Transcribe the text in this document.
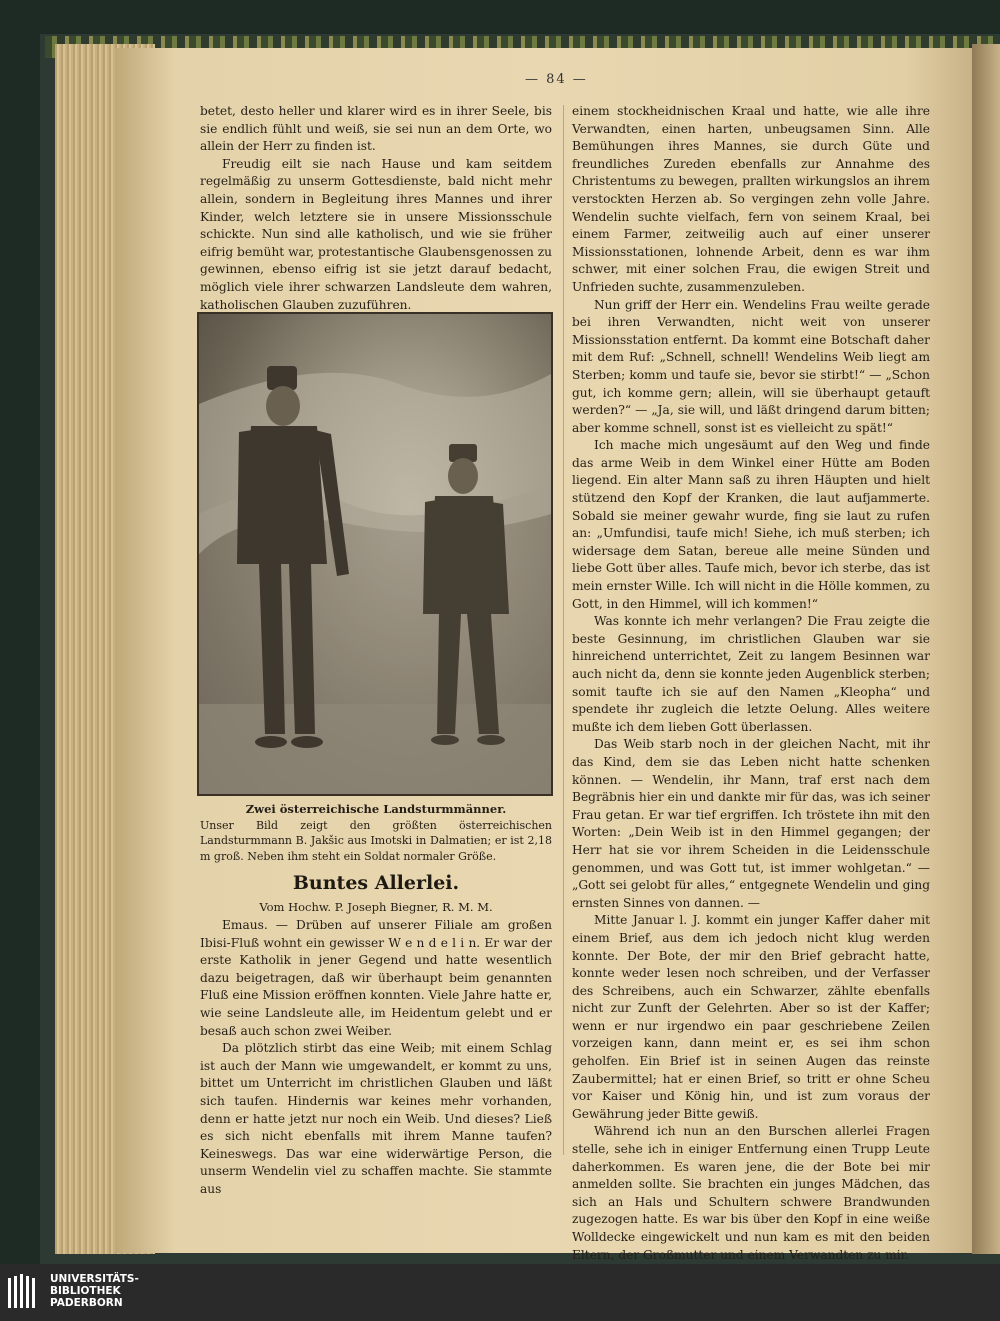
— 84 —

betet, desto heller und klarer wird es in ihrer Seele, bis sie endlich fühlt und weiß, sie sei nun an dem Orte, wo allein der Herr zu finden ist.

Freudig eilt sie nach Hause und kam seitdem regelmäßig zu unserm Gottesdienste, bald nicht mehr allein, sondern in Begleitung ihres Mannes und ihrer Kinder, welch letztere sie in unsere Missionsschule schickte. Nun sind alle katholisch, und wie sie früher eifrig bemüht war, protestantische Glaubensgenossen zu gewinnen, ebenso eifrig ist sie jetzt darauf bedacht, möglich viele ihrer schwarzen Landsleute dem wahren, katholischen Glauben zuzuführen.

Zwei österreichische Landsturmmänner.
Unser Bild zeigt den größten österreichischen Landsturmmann B. Jakšic aus Imotski in Dalmatien; er ist 2,18 m groß. Neben ihm steht ein Soldat normaler Größe.
Buntes Allerlei.
Vom Hochw. P. Joseph Biegner, R. M. M.

Emaus. — Drüben auf unserer Filiale am großen Ibisi-Fluß wohnt ein gewisser W e n d e l i n. Er war der erste Katholik in jener Gegend und hatte wesentlich dazu beigetragen, daß wir überhaupt beim genannten Fluß eine Mission eröffnen konnten. Viele Jahre hatte er, wie seine Landsleute alle, im Heidentum gelebt und er besaß auch schon zwei Weiber.

Da plötzlich stirbt das eine Weib; mit einem Schlag ist auch der Mann wie umgewandelt, er kommt zu uns, bittet um Unterricht im christlichen Glauben und läßt sich taufen. Hindernis war keines mehr vorhanden, denn er hatte jetzt nur noch ein Weib. Und dieses? Ließ es sich nicht ebenfalls mit ihrem Manne taufen? Keineswegs. Das war eine widerwärtige Person, die unserm Wendelin viel zu schaffen machte. Sie stammte aus

einem stockheidnischen Kraal und hatte, wie alle ihre Verwandten, einen harten, unbeugsamen Sinn. Alle Bemühungen ihres Mannes, sie durch Güte und freundliches Zureden ebenfalls zur Annahme des Christentums zu bewegen, prallten wirkungslos an ihrem verstockten Herzen ab. So vergingen zehn volle Jahre. Wendelin suchte vielfach, fern von seinem Kraal, bei einem Farmer, zeitweilig auch auf einer unserer Missionsstationen, lohnende Arbeit, denn es war ihm schwer, mit einer solchen Frau, die ewigen Streit und Unfrieden suchte, zusammenzuleben.

Nun griff der Herr ein. Wendelins Frau weilte gerade bei ihren Verwandten, nicht weit von unserer Missionsstation entfernt. Da kommt eine Botschaft daher mit dem Ruf: „Schnell, schnell! Wendelins Weib liegt am Sterben; komm und taufe sie, bevor sie stirbt!“ — „Schon gut, ich komme gern; allein, will sie überhaupt getauft werden?“ — „Ja, sie will, und läßt dringend darum bitten; aber komme schnell, sonst ist es vielleicht zu spät!“

Ich mache mich ungesäumt auf den Weg und finde das arme Weib in dem Winkel einer Hütte am Boden liegend. Ein alter Mann saß zu ihren Häupten und hielt stützend den Kopf der Kranken, die laut aufjammerte. Sobald sie meiner gewahr wurde, fing sie laut zu rufen an: „Umfundisi, taufe mich! Siehe, ich muß sterben; ich widersage dem Satan, bereue alle meine Sünden und liebe Gott über alles. Taufe mich, bevor ich sterbe, das ist mein ernster Wille. Ich will nicht in die Hölle kommen, zu Gott, in den Himmel, will ich kommen!“

Was konnte ich mehr verlangen? Die Frau zeigte die beste Gesinnung, im christlichen Glauben war sie hinreichend unterrichtet, Zeit zu langem Besinnen war auch nicht da, denn sie konnte jeden Augenblick sterben; somit taufte ich sie auf den Namen „Kleopha“ und spendete ihr zugleich die letzte Oelung. Alles weitere mußte ich dem lieben Gott überlassen.

Das Weib starb noch in der gleichen Nacht, mit ihr das Kind, dem sie das Leben nicht hatte schenken können. — Wendelin, ihr Mann, traf erst nach dem Begräbnis hier ein und dankte mir für das, was ich seiner Frau getan. Er war tief ergriffen. Ich tröstete ihn mit den Worten: „Dein Weib ist in den Himmel gegangen; der Herr hat sie vor ihrem Scheiden in die Leidensschule genommen, und was Gott tut, ist immer wohlgetan.“ — „Gott sei gelobt für alles,“ entgegnete Wendelin und ging ernsten Sinnes von dannen. —

Mitte Januar l. J. kommt ein junger Kaffer daher mit einem Brief, aus dem ich jedoch nicht klug werden konnte. Der Bote, der mir den Brief gebracht hatte, konnte weder lesen noch schreiben, und der Verfasser des Schreibens, auch ein Schwarzer, zählte ebenfalls nicht zur Zunft der Gelehrten. Aber so ist der Kaffer; wenn er nur irgendwo ein paar geschriebene Zeilen vorzeigen kann, dann meint er, es sei ihm schon geholfen. Ein Brief ist in seinen Augen das reinste Zaubermittel; hat er einen Brief, so tritt er ohne Scheu vor Kaiser und König hin, und ist zum voraus der Gewährung jeder Bitte gewiß.

Während ich nun an den Burschen allerlei Fragen stelle, sehe ich in einiger Entfernung einen Trupp Leute daherkommen. Es waren jene, die der Bote bei mir anmelden sollte. Sie brachten ein junges Mädchen, das sich an Hals und Schultern schwere Brandwunden zugezogen hatte. Es war bis über den Kopf in eine weiße Wolldecke eingewickelt und nun kam es mit den beiden Eltern, der Großmutter und einem Verwandten zu mir.

UNIVERSITÄTS-
BIBLIOTHEK
PADERBORN
